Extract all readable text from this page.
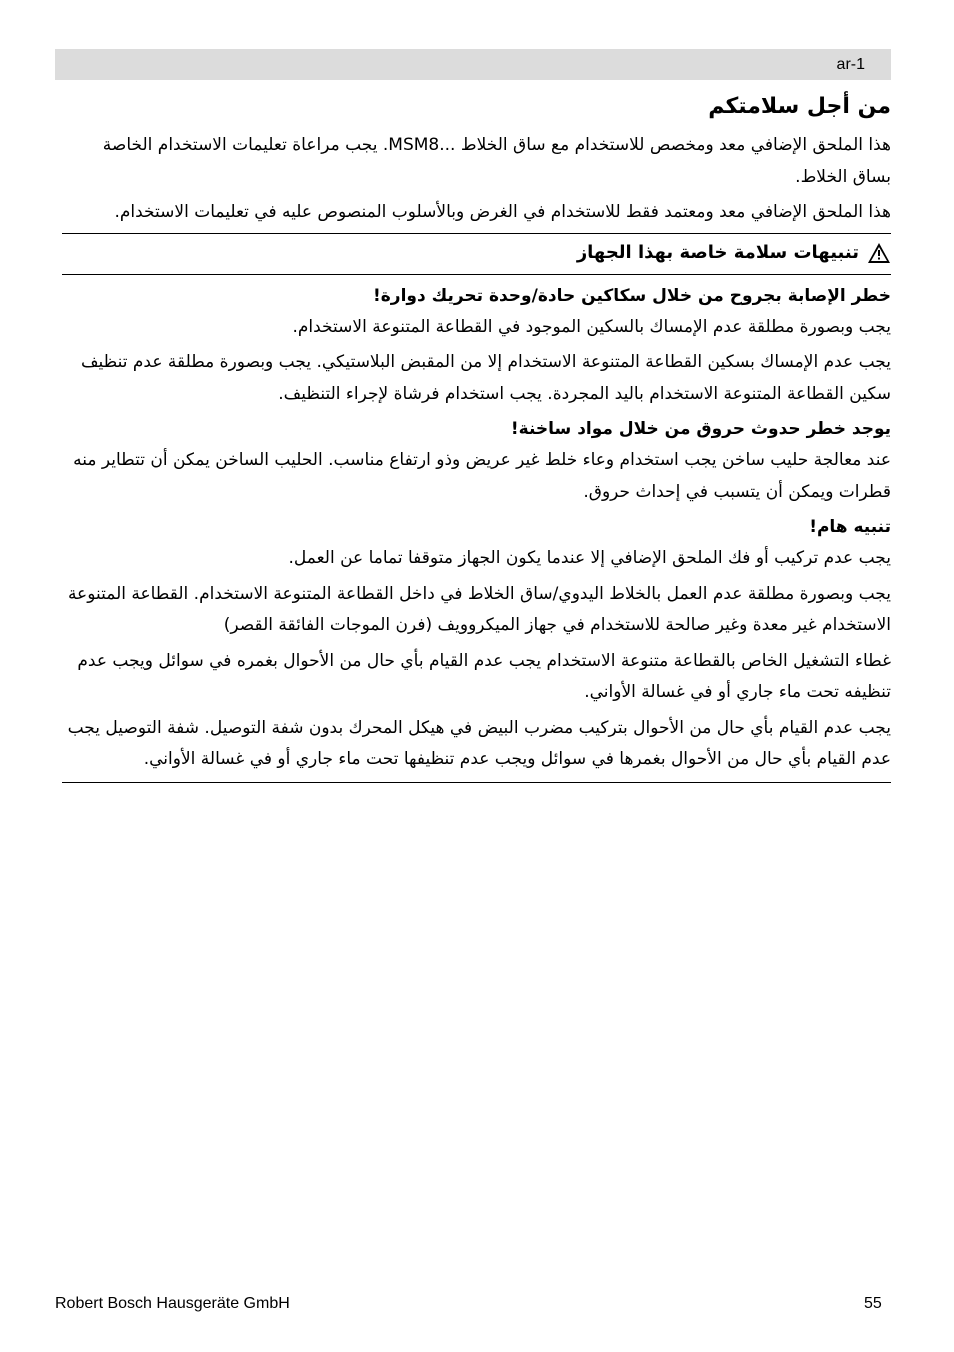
ar-1
من أجل سلامتكم

هذا الملحق الإضافي معد ومخصص للاستخدام مع ساق الخلاط ...MSM8. يجب مراعاة تعليمات الاستخدام الخاصة بساق الخلاط.

هذا الملحق الإضافي معد ومعتمد فقط للاستخدام في الغرض وبالأسلوب المنصوص عليه في تعليمات الاستخدام.

تنبيهات سلامة خاصة بهذا الجهاز
خطر الإصابة بجروح من خلال سكاكين حادة/وحدة تحريك دوارة!

يجب وبصورة مطلقة عدم الإمساك بالسكين الموجود في القطاعة المتنوعة الاستخدام.

يجب عدم الإمساك بسكين القطاعة المتنوعة الاستخدام إلا من المقبض البلاستيكي. يجب وبصورة مطلقة عدم تنظيف سكين القطاعة المتنوعة الاستخدام باليد المجردة. يجب استخدام فرشاة لإجراء التنظيف.

يوجد خطر حدوث حروق من خلال مواد ساخنة!

عند معالجة حليب ساخن يجب استخدام وعاء خلط غير عريض وذو ارتفاع مناسب. الحليب الساخن يمكن أن تتطاير منه قطرات ويمكن أن يتسبب في إحداث حروق.

تنبيه هام!

يجب عدم تركيب أو فك الملحق الإضافي إلا عندما يكون الجهاز متوقفا تماما عن العمل.

يجب وبصورة مطلقة عدم العمل بالخلاط اليدوي/ساق الخلاط في داخل القطاعة المتنوعة الاستخدام. القطاعة المتنوعة الاستخدام غير معدة وغير صالحة للاستخدام في جهاز الميكروويف (فرن الموجات الفائقة القصر)

غطاء التشغيل الخاص بالقطاعة متنوعة الاستخدام يجب عدم القيام بأي حال من الأحوال بغمره في سوائل ويجب عدم تنظيفه تحت ماء جاري أو في غسالة الأواني.

يجب عدم القيام بأي حال من الأحوال بتركيب مضرب البيض في هيكل المحرك بدون شفة التوصيل. شفة التوصيل يجب عدم القيام بأي حال من الأحوال بغمرها في سوائل ويجب عدم تنظيفها تحت ماء جاري أو في غسالة الأواني.

Robert Bosch Hausgeräte GmbH	55
